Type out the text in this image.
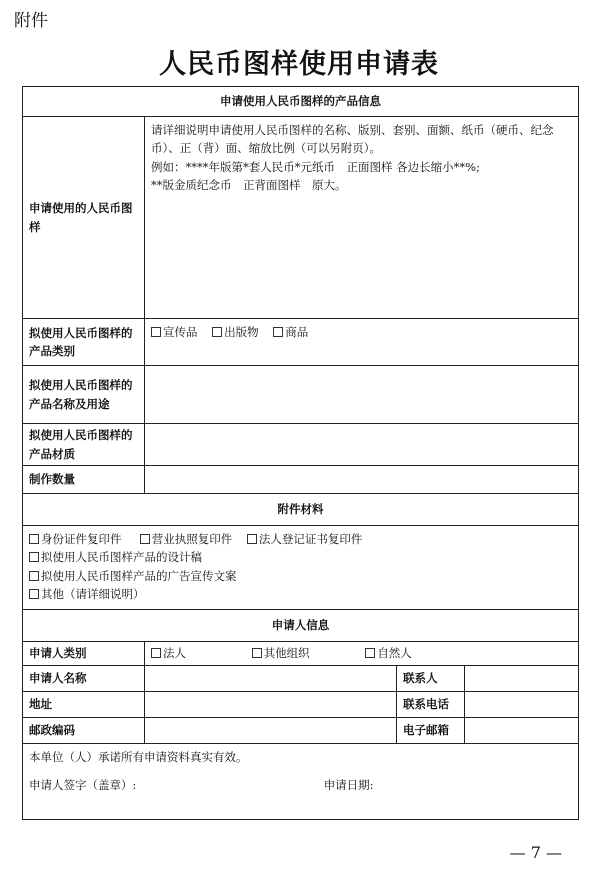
附件
人民币图样使用申请表
申请使用人民币图样的产品信息			
申请使用的人民币图样	请详细说明申请使用人民币图样的名称、版别、套别、面额、纸币（硬币、纪念币）、正（背）面、缩放比例（可以另附页）。
例如：****年版第*套人民币*元纸币　正面图样 各边长缩小**%;
**版金质纪念币　正背面图样　原大。		

拟使用人民币图样的产品类别	宣传品 出版物 商品		
拟使用人民币图样的产品名称及用途			
拟使用人民币图样的产品材质			
制作数量			
附件材料			

身份证件复印件 营业执照复印件 法人登记证书复印件
拟使用人民币图样产品的设计稿
拟使用人民币图样产品的广告宣传文案
其他（请详细说明）			

申请人信息			
申请人类别	法人 其他组织 自然人		
申请人名称		联系人	
地址		联系电话	
邮政编码		电子邮箱	

本单位（人）承诺所有申请资料真实有效。
申请人签字（盖章）: 申请日期:			
— 7 —
